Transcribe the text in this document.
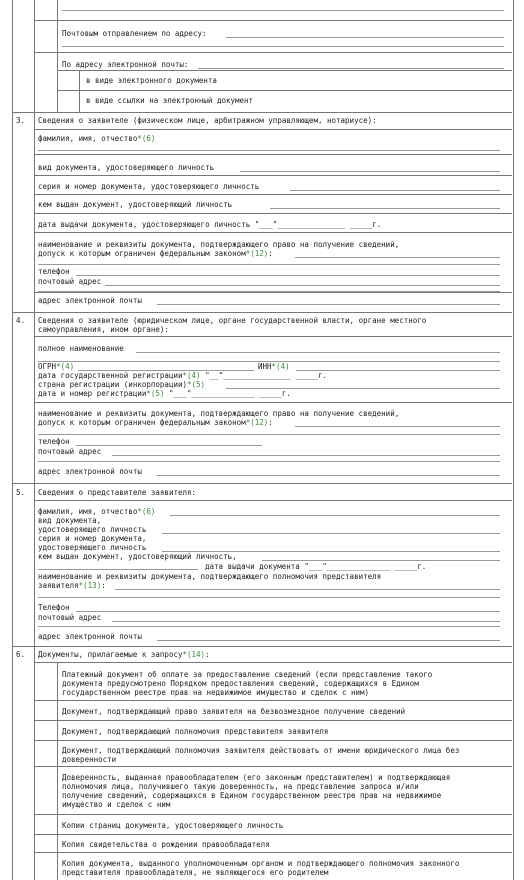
Почтовым отправлением по адресу:
По адресу электронной почты:
в виде электронного документа
в виде ссылки на электронный документ
3. Сведения о заявителе (физическом лице, арбитражном управляющем, нотариусе):
фамилия, имя, отчество*(6)
вид документа, удостоверяющего личность
серия и номер документа, удостоверяющего личность
кем выдан документ, удостоверяющий личность
дата выдачи документа, удостоверяющего личность "___"_______________ _____г.
наименование и реквизиты документа, подтверждающего право на получение сведений,
допуск к которым ограничен федеральным законом*(12):
телефон
почтовый адрес
адрес электронной почты
4. Сведения о заявителе (юридическом лице, органе государственной власти, органе местного
самоуправления, ином органе):
полное наименование
ОГРН*(4)	ИНН*(4)
дата государственной регистрации*(4) "__"_______________ _____г.
страна регистрации (инкорпорации)*(5)
дата и номер регистрации*(5) "___"______________ _____г.
наименование и реквизиты документа, подтверждающего право на получение сведений,
допуск к которым ограничен федеральным законом*(12):
телефон
почтовый адрес
адрес электронной почты
5. Сведения о представителе заявителя:
фамилия, имя, отчество*(6)
вид документа,
удостоверяющего личность
серия и номер документа,
удостоверяющего личность
кем выдан документ, удостоверяющий личность,
дата выдачи документа "___"______________ _____г.
наименование и реквизиты документа, подтверждающего полномочия представителя
заявителя*(13):
Телефон
почтовый адрес
адрес электронной почты
6. Документы, прилагаемые к запросу*(14):
Платежный документ об оплате за предоставление сведений (если представление такого
документа предусмотрено Порядком предоставления сведений, содержащихся в Едином
государственном реестре прав на недвижимое имущество и сделок с ним)
Документ, подтверждающий право заявителя на безвозмездное получение сведений
Документ, подтверждающий полномочия представителя заявителя
Документ, подтверждающий полномочия заявителя действовать от имени юридического лица без
доверенности
Доверенность, выданная правообладателем (его законным представителем) и подтверждающая
полномочия лица, получившего такую доверенность, на представление запроса и/или
получение сведений, содержащихся в Едином государственном реестре прав на недвижимое
имущество и сделок с ним
Копии страниц документа, удостоверяющего личность
Копия свидетельства о рождении правообладателя
Копия документа, выданного уполномоченным органом и подтверждающего полномочия законного
представителя правообладателя, не являющегося его родителем
